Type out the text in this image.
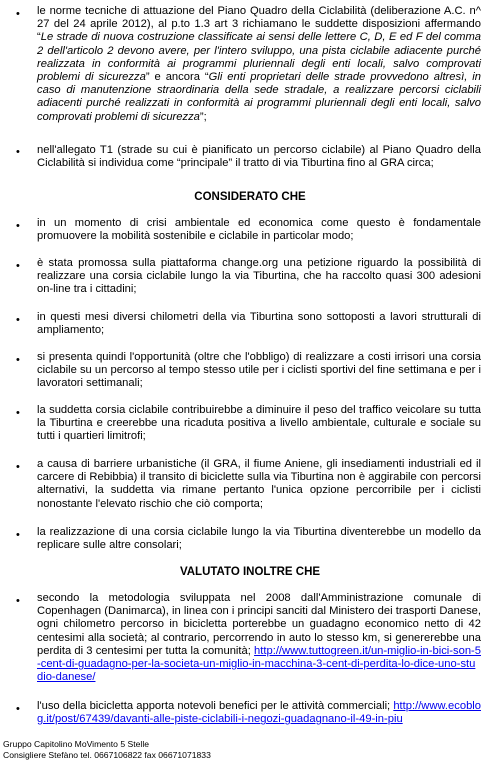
•	le norme tecniche di attuazione del Piano Quadro della Ciclabilità (deliberazione A.C. n^ 27 del 24 aprile 2012), al p.to 1.3 art 3 richiamano le suddette disposizioni affermando “Le strade di nuova costruzione classificate ai sensi delle lettere C, D, E ed F del comma 2 dell'articolo 2 devono avere, per l'intero sviluppo, una pista ciclabile adiacente purché realizzata in conformità ai programmi pluriennali degli enti locali, salvo comprovati problemi di sicurezza” e ancora “Gli enti proprietari delle strade provvedono altresì, in caso di manutenzione straordinaria della sede stradale, a realizzare percorsi ciclabili adiacenti purché realizzati in conformità ai programmi pluriennali degli enti locali, salvo comprovati problemi di sicurezza”;
•	nell'allegato T1 (strade su cui è pianificato un percorso ciclabile) al Piano Quadro della Ciclabilità si individua come “principale” il tratto di via Tiburtina fino al GRA circa;
CONSIDERATO CHE
•	in un momento di crisi ambientale ed economica come questo è fondamentale promuovere la mobilità sostenibile e ciclabile in particolar modo;
•	è stata promossa sulla piattaforma change.org una petizione riguardo la possibilità di realizzare una corsia ciclabile lungo la via Tiburtina, che ha raccolto quasi 300 adesioni on-line tra i cittadini;
•	in questi mesi diversi chilometri della via Tiburtina sono sottoposti a lavori strutturali di ampliamento;
•	si presenta quindi l'opportunità (oltre che l'obbligo) di realizzare a costi irrisori una corsia ciclabile su un percorso al tempo stesso utile per i ciclisti sportivi del fine settimana e per i lavoratori settimanali;
•	la suddetta corsia ciclabile contribuirebbe a diminuire il peso del traffico veicolare su tutta la Tiburtina e creerebbe una ricaduta positiva a livello ambientale, culturale e sociale su tutti i quartieri limitrofi;
•	a causa di barriere urbanistiche (il GRA, il fiume Aniene, gli insediamenti industriali ed il carcere di Rebibbia) il transito di biciclette sulla via Tiburtina non è aggirabile con percorsi alternativi, la suddetta via rimane pertanto l'unica opzione percorribile per i ciclisti nonostante l'elevato rischio che ciò comporta;
•	la realizzazione di una corsia ciclabile lungo la via Tiburtina diventerebbe un modello da replicare sulle altre consolari;
VALUTATO INOLTRE CHE
•	secondo la metodologia sviluppata nel 2008 dall'Amministrazione comunale di Copenhagen (Danimarca), in linea con i principi sanciti dal Ministero dei trasporti Danese, ogni chilometro percorso in bicicletta porterebbe un guadagno economico netto di 42 centesimi alla società; al contrario, percorrendo in auto lo stesso km, si genererebbe una perdita di 3 centesimi per tutta la comunità; http://www.tuttogreen.it/un-miglio-in-bici-son-5-cent-di-guadagno-per-la-societa-un-miglio-in-macchina-3-cent-di-perdita-lo-dice-uno-studio-danese/
•	l'uso della bicicletta apporta notevoli benefici per le attività commerciali; http://www.ecoblog.it/post/67439/davanti-alle-piste-ciclabili-i-negozi-guadagnano-il-49-in-piu
Gruppo Capitolino MoVimento 5 Stelle
Consigliere Stefàno tel. 0667106822 fax 06671071833
